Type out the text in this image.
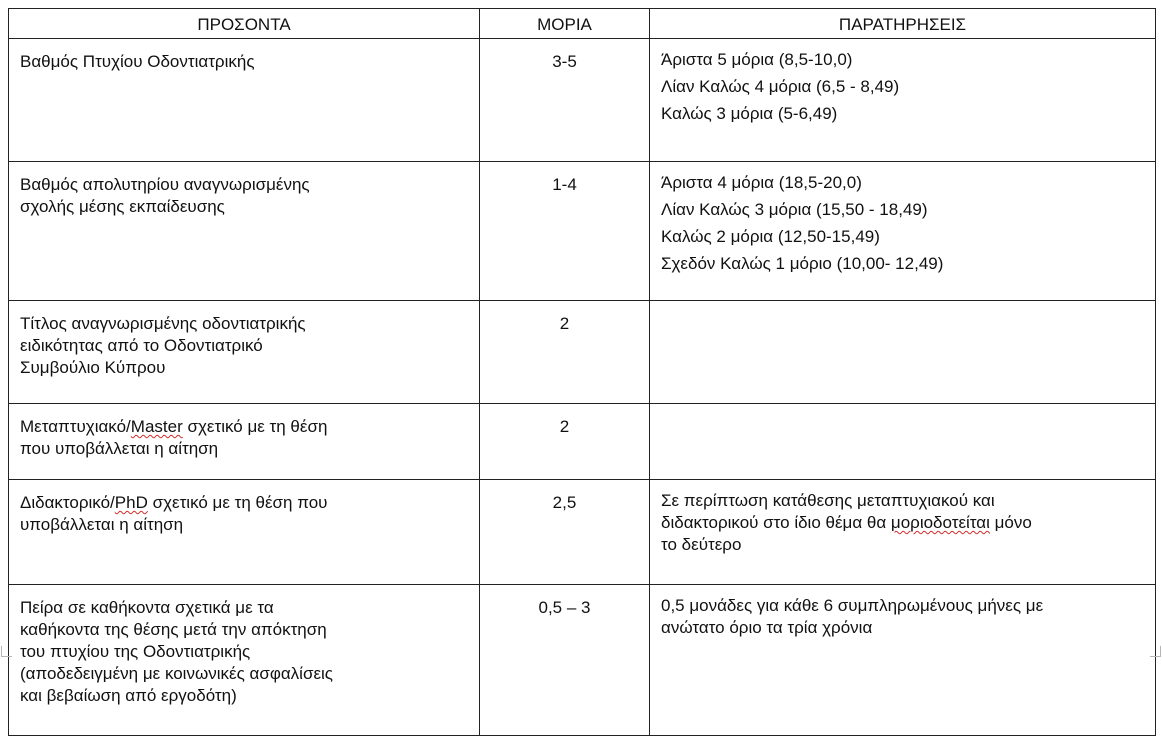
ΠΡΟΣΟΝΤΑ	ΜΟΡΙΑ	ΠΑΡΑΤΗΡΗΣΕΙΣ

Βαθμός Πτυχίου Οδοντιατρικής	3-5	Άριστα 5 μόρια (8,5-10,0)
Λίαν Καλώς 4 μόρια (6,5 - 8,49)
Καλώς 3 μόρια (5-6,49)

Βαθμός απολυτηρίου αναγνωρισμένης
σχολής μέσης εκπαίδευσης	1-4	Άριστα 4 μόρια (18,5-20,0)
Λίαν Καλώς 3 μόρια (15,50 - 18,49)
Καλώς 2 μόρια (12,50-15,49)
Σχεδόν Καλώς 1 μόριο (10,00- 12,49)

Τίτλος αναγνωρισμένης οδοντιατρικής
ειδικότητας από το Οδοντιατρικό
Συμβούλιο Κύπρου	2	

Μεταπτυχιακό/Master σχετικό με τη θέση
που υποβάλλεται η αίτηση	2	

Διδακτορικό/PhD σχετικό με τη θέση που
υποβάλλεται η αίτηση	2,5	Σε περίπτωση κατάθεσης μεταπτυχιακού και
διδακτορικού στο ίδιο θέμα θα μοριοδοτείται μόνο
το δεύτερο

Πείρα σε καθήκοντα σχετικά με τα
καθήκοντα της θέσης μετά την απόκτηση
του πτυχίου της Οδοντιατρικής
(αποδεδειγμένη με κοινωνικές ασφαλίσεις
και βεβαίωση από εργοδότη)	0,5 – 3	0,5 μονάδες για κάθε 6 συμπληρωμένους μήνες με
ανώτατο όριο τα τρία χρόνια
